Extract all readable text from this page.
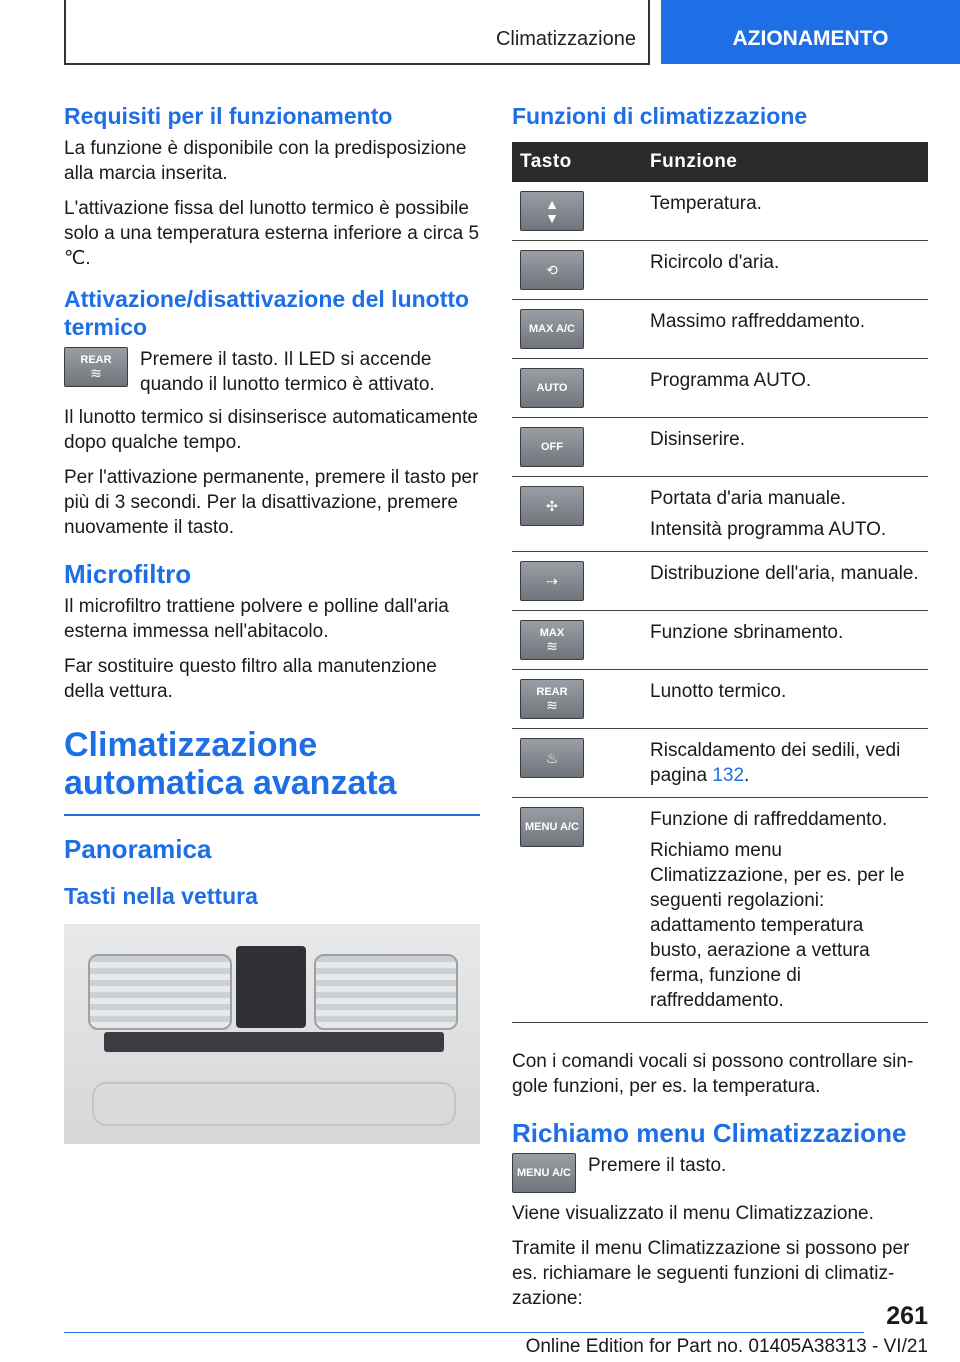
Climatizzazione	AZIONAMENTO
Requisiti per il funzionamento

La funzione è disponibile con la predisposizione alla marcia inserita.

L'attivazione fissa del lunotto termico è possibile solo a una temperatura esterna inferiore a circa 5 ℃.

Attivazione/disattivazione del lunotto termico
REAR
≋

Premere il tasto. Il LED si accende quando il lunotto termico è attivato.

Il lunotto termico si disinserisce automaticamente dopo qualche tempo.

Per l'attivazione permanente, premere il tasto per più di 3 secondi. Per la disattivazione, premere nuovamente il tasto.

Microfiltro

Il microfiltro trattiene polvere e polline dall'aria esterna immessa nell'abitacolo.

Far sostituire questo filtro alla manutenzione della vettura.

Climatizzazione automatica avanzata
Panoramica
Tasti nella vettura
Funzioni di climatizzazione
Tasto	Funzione

▲
▼	Temperatura.

⟲	Ricircolo d'aria.

MAX A/C	Massimo raffreddamento.

AUTO	Programma AUTO.

OFF	Disinserire.

✣	Portata d'aria manuale.

Intensità programma AUTO.

⇢	Distribuzione dell'aria, manuale.

MAX
≋	Funzione sbrinamento.

REAR
≋	Lunotto termico.

♨	Riscaldamento dei sedili, vedi pagina 132.

MENU A/C	Funzione di raffreddamento.

Richiamo menu Climatizzazione, per es. per le seguenti regolazioni: adattamento temperatura busto, aerazione a vettura ferma, funzione di raffreddamento.

Con i comandi vocali si possono controllare singole funzioni, per es. la temperatura.

Richiamo menu Climatizzazione
MENU A/C Premere il tasto.

Viene visualizzato il menu Climatizzazione.

Tramite il menu Climatizzazione si possono per es. richiamare le seguenti funzioni di climatizzazione:

261
Online Edition for Part no. 01405A38313 - VI/21
